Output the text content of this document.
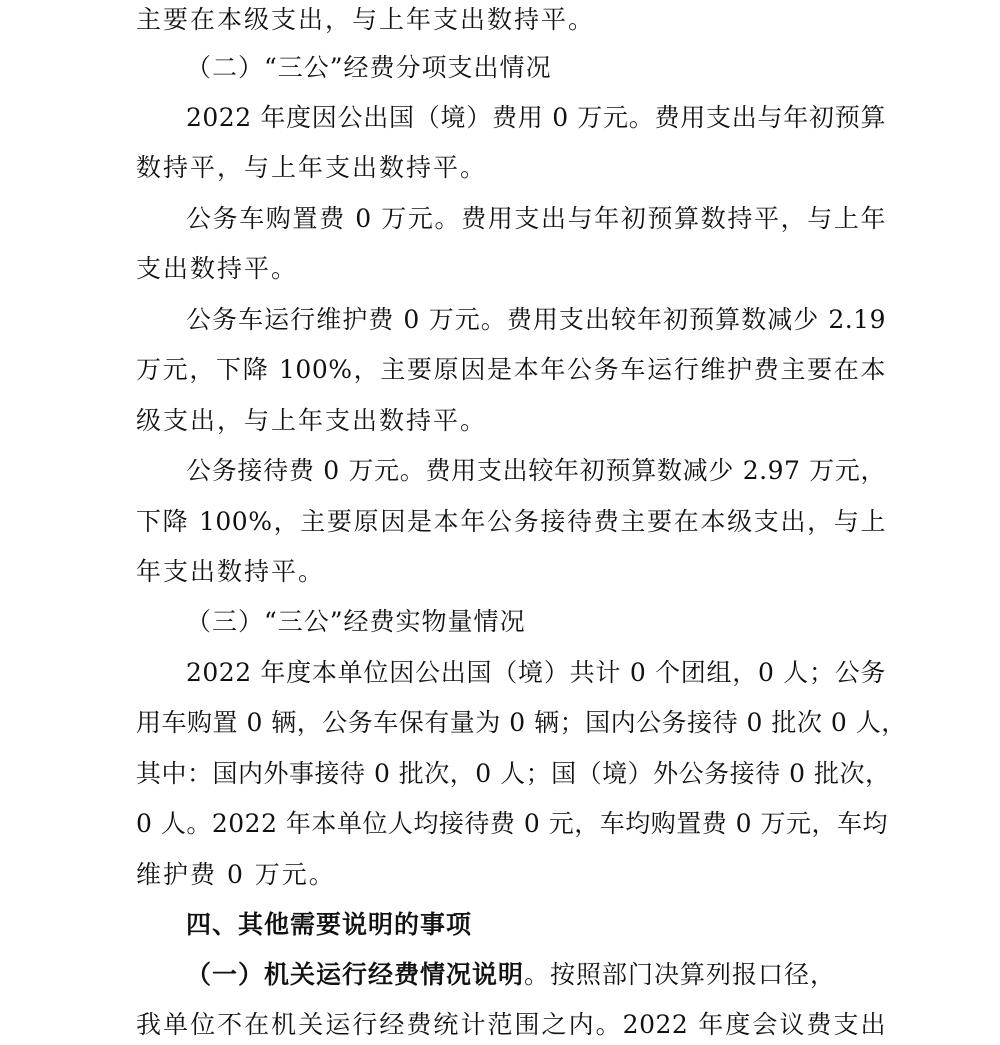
主要在本级支出，与上年支出数持平。
（二）“三公”经费分项支出情况
2022 年度因公出国（境）费用 0 万元。费用支出与年初预算
数持平，与上年支出数持平。
公务车购置费 0 万元。费用支出与年初预算数持平，与上年
支出数持平。
公务车运行维护费 0 万元。费用支出较年初预算数减少 2.19
万元，下降 100%，主要原因是本年公务车运行维护费主要在本
级支出，与上年支出数持平。
公务接待费 0 万元。费用支出较年初预算数减少 2.97 万元，
下降 100%，主要原因是本年公务接待费主要在本级支出，与上
年支出数持平。
（三）“三公”经费实物量情况
2022 年度本单位因公出国（境）共计 0 个团组，0 人；公务
用车购置 0 辆，公务车保有量为 0 辆；国内公务接待 0 批次 0 人，
其中：国内外事接待 0 批次，0 人；国（境）外公务接待 0 批次，
0 人。2022 年本单位人均接待费 0 元，车均购置费 0 万元，车均
维护费 0 万元。
四、其他需要说明的事项
（一）机关运行经费情况说明。按照部门决算列报口径，
我单位不在机关运行经费统计范围之内。2022 年度会议费支出
